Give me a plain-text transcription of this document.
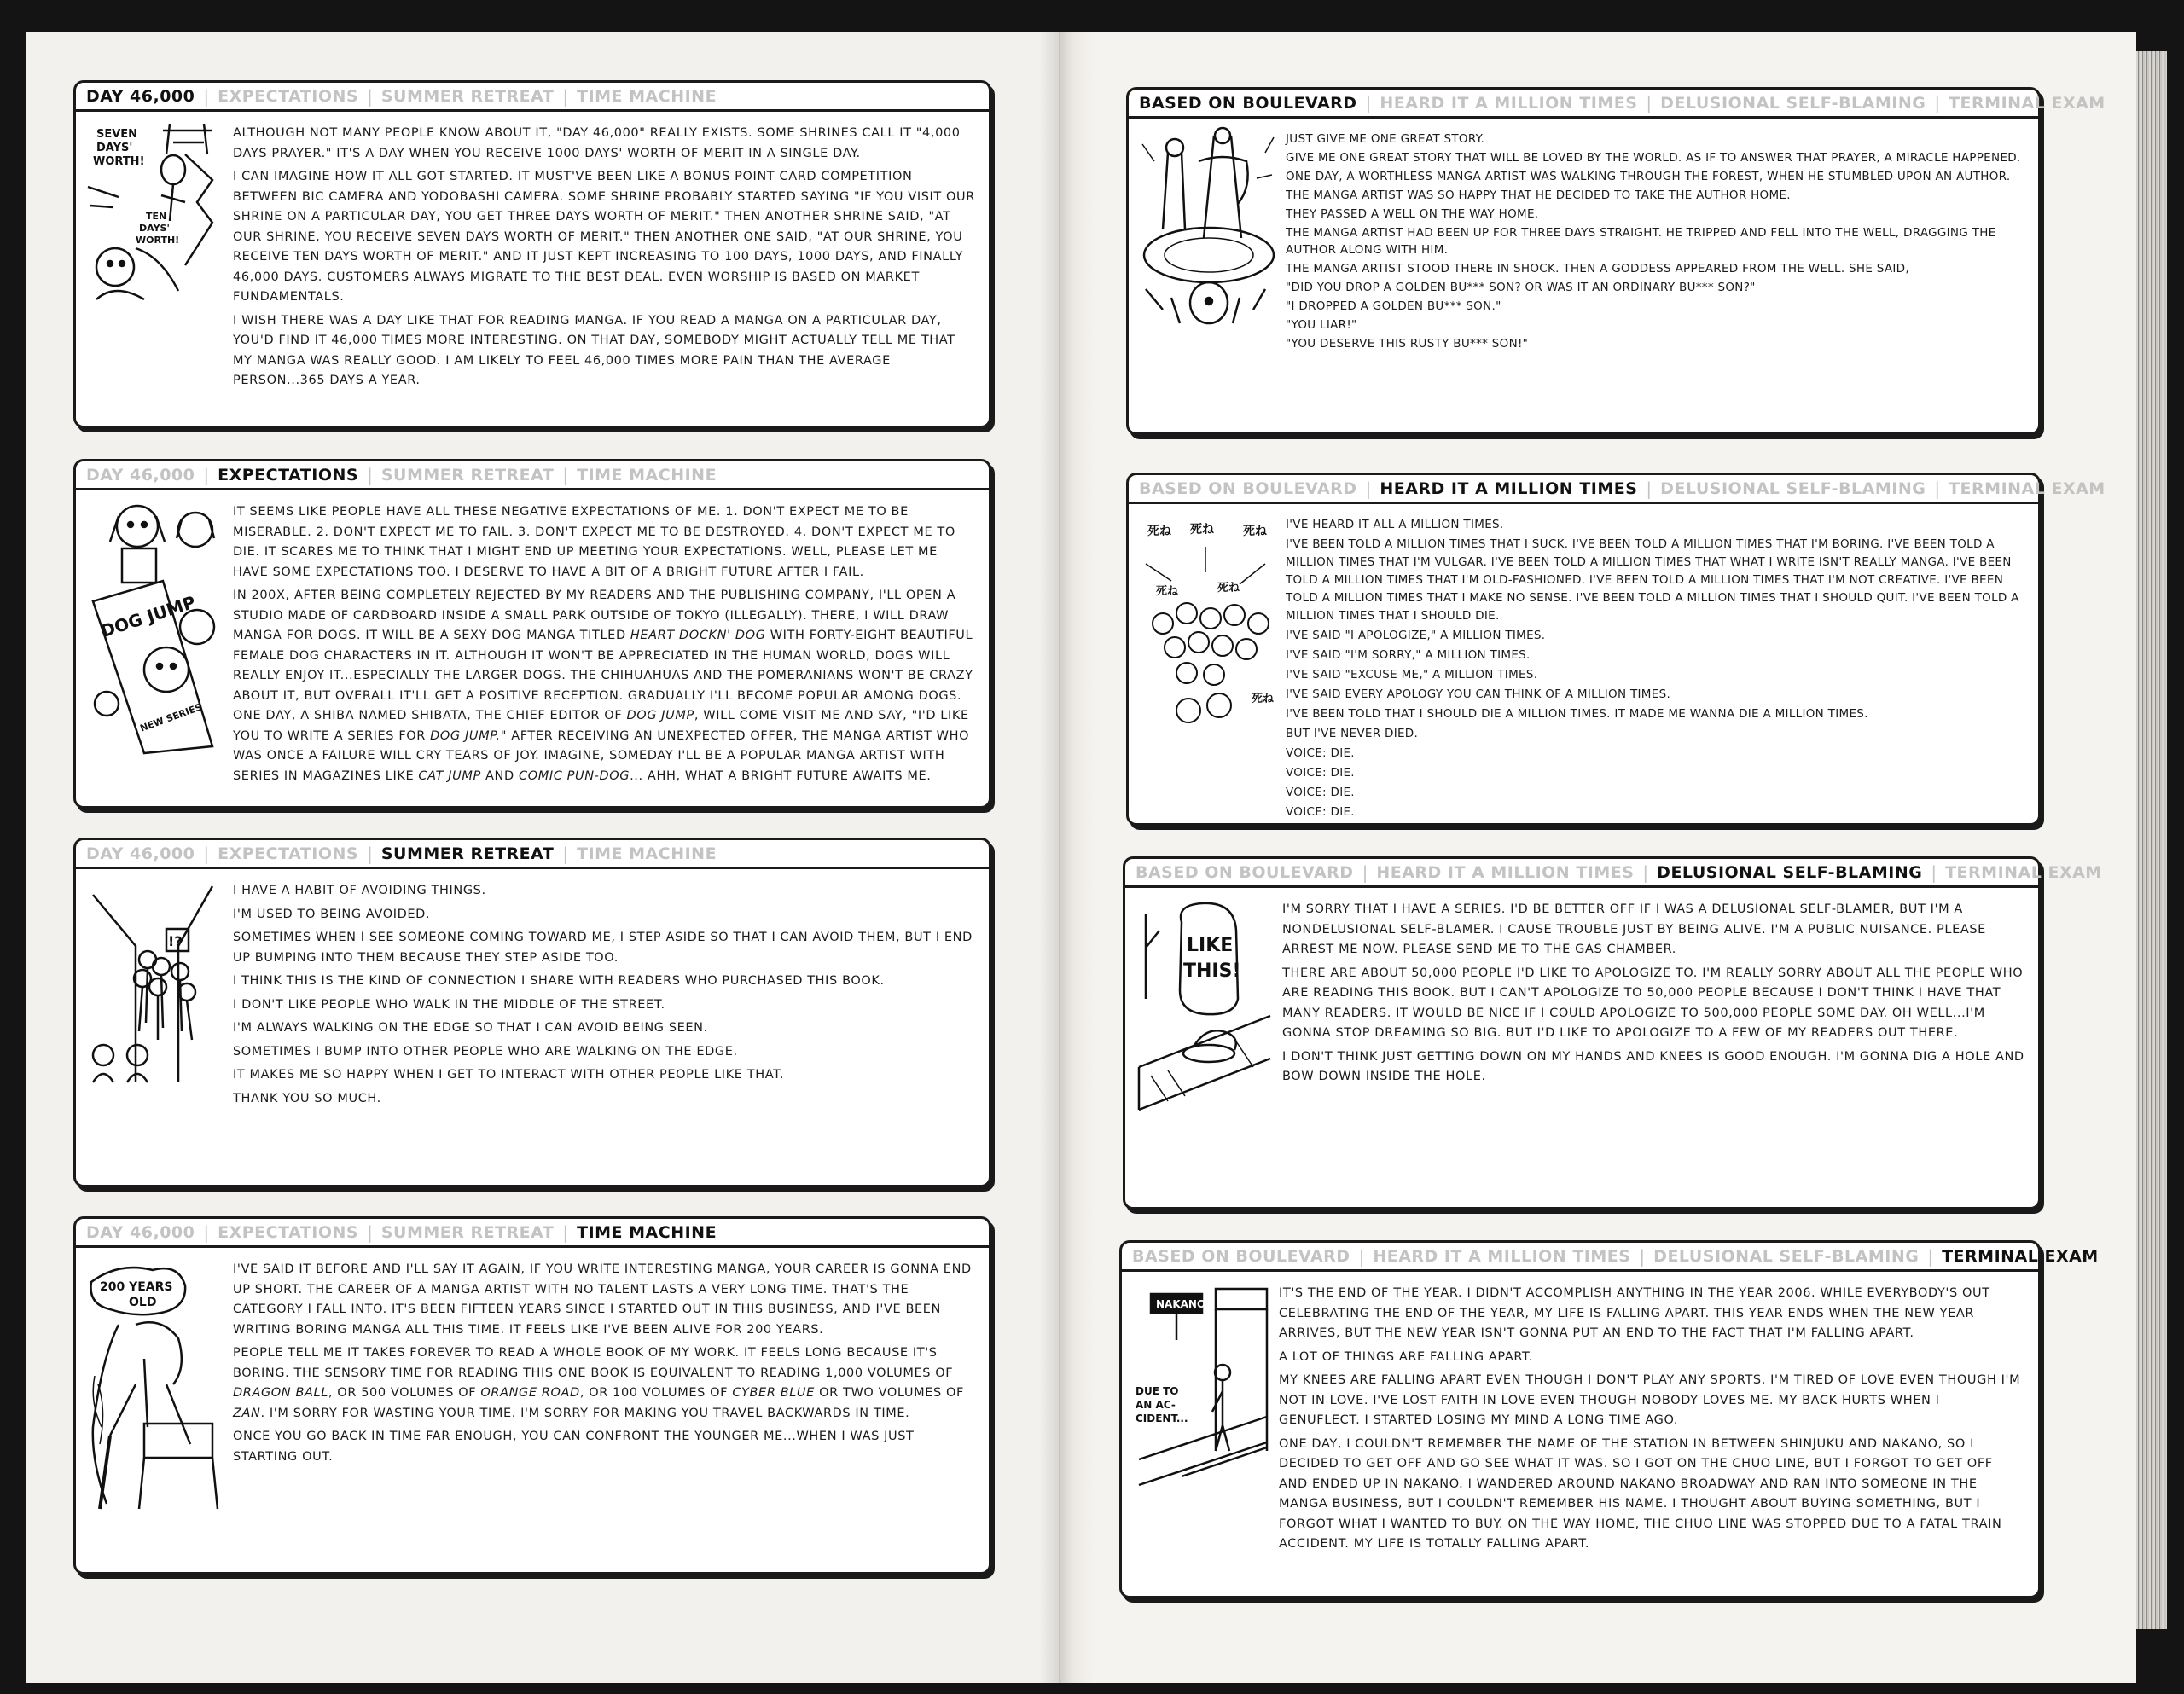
DAY 46,000 | EXPECTATIONS | SUMMER RETREAT | TIME MACHINE
SEVEN
DAYS'
WORTH!
TEN
DAYS'
WORTH!

ALTHOUGH NOT MANY PEOPLE KNOW ABOUT IT, "DAY 46,000" REALLY EXISTS. SOME SHRINES CALL IT "4,000 DAYS PRAYER." IT'S A DAY WHEN YOU RECEIVE 1000 DAYS' WORTH OF MERIT IN A SINGLE DAY.

I CAN IMAGINE HOW IT ALL GOT STARTED. IT MUST'VE BEEN LIKE A BONUS POINT CARD COMPETITION BETWEEN BIC CAMERA AND YODOBASHI CAMERA. SOME SHRINE PROBABLY STARTED SAYING "IF YOU VISIT OUR SHRINE ON A PARTICULAR DAY, YOU GET THREE DAYS WORTH OF MERIT." THEN ANOTHER SHRINE SAID, "AT OUR SHRINE, YOU RECEIVE SEVEN DAYS WORTH OF MERIT." THEN ANOTHER ONE SAID, "AT OUR SHRINE, YOU RECEIVE TEN DAYS WORTH OF MERIT." AND IT JUST KEPT INCREASING TO 100 DAYS, 1000 DAYS, AND FINALLY 46,000 DAYS. CUSTOMERS ALWAYS MIGRATE TO THE BEST DEAL. EVEN WORSHIP IS BASED ON MARKET FUNDAMENTALS.

I WISH THERE WAS A DAY LIKE THAT FOR READING MANGA. IF YOU READ A MANGA ON A PARTICULAR DAY, YOU'D FIND IT 46,000 TIMES MORE INTERESTING. ON THAT DAY, SOMEBODY MIGHT ACTUALLY TELL ME THAT MY MANGA WAS REALLY GOOD. I AM LIKELY TO FEEL 46,000 TIMES MORE PAIN THAN THE AVERAGE PERSON...365 DAYS A YEAR.

DAY 46,000 | EXPECTATIONS | SUMMER RETREAT | TIME MACHINE
DOG JUMP
NEW SERIES

IT SEEMS LIKE PEOPLE HAVE ALL THESE NEGATIVE EXPECTATIONS OF ME. 1. DON'T EXPECT ME TO BE MISERABLE. 2. DON'T EXPECT ME TO FAIL. 3. DON'T EXPECT ME TO BE DESTROYED. 4. DON'T EXPECT ME TO DIE. IT SCARES ME TO THINK THAT I MIGHT END UP MEETING YOUR EXPECTATIONS. WELL, PLEASE LET ME HAVE SOME EXPECTATIONS TOO. I DESERVE TO HAVE A BIT OF A BRIGHT FUTURE AFTER I FAIL.

IN 200X, AFTER BEING COMPLETELY REJECTED BY MY READERS AND THE PUBLISHING COMPANY, I'LL OPEN A STUDIO MADE OF CARDBOARD INSIDE A SMALL PARK OUTSIDE OF TOKYO (ILLEGALLY). THERE, I WILL DRAW MANGA FOR DOGS. IT WILL BE A SEXY DOG MANGA TITLED HEART DOCKN' DOG WITH FORTY-EIGHT BEAUTIFUL FEMALE DOG CHARACTERS IN IT. ALTHOUGH IT WON'T BE APPRECIATED IN THE HUMAN WORLD, DOGS WILL REALLY ENJOY IT...ESPECIALLY THE LARGER DOGS. THE CHIHUAHUAS AND THE POMERANIANS WON'T BE CRAZY ABOUT IT, BUT OVERALL IT'LL GET A POSITIVE RECEPTION. GRADUALLY I'LL BECOME POPULAR AMONG DOGS. ONE DAY, A SHIBA NAMED SHIBATA, THE CHIEF EDITOR OF DOG JUMP, WILL COME VISIT ME AND SAY, "I'D LIKE YOU TO WRITE A SERIES FOR DOG JUMP." AFTER RECEIVING AN UNEXPECTED OFFER, THE MANGA ARTIST WHO WAS ONCE A FAILURE WILL CRY TEARS OF JOY. IMAGINE, SOMEDAY I'LL BE A POPULAR MANGA ARTIST WITH SERIES IN MAGAZINES LIKE CAT JUMP AND COMIC PUN-DOG... AHH, WHAT A BRIGHT FUTURE AWAITS ME.

DAY 46,000 | EXPECTATIONS | SUMMER RETREAT | TIME MACHINE
!?

I HAVE A HABIT OF AVOIDING THINGS.

I'M USED TO BEING AVOIDED.

SOMETIMES WHEN I SEE SOMEONE COMING TOWARD ME, I STEP ASIDE SO THAT I CAN AVOID THEM, BUT I END UP BUMPING INTO THEM BECAUSE THEY STEP ASIDE TOO.

I THINK THIS IS THE KIND OF CONNECTION I SHARE WITH READERS WHO PURCHASED THIS BOOK.

I DON'T LIKE PEOPLE WHO WALK IN THE MIDDLE OF THE STREET.

I'M ALWAYS WALKING ON THE EDGE SO THAT I CAN AVOID BEING SEEN.

SOMETIMES I BUMP INTO OTHER PEOPLE WHO ARE WALKING ON THE EDGE.

IT MAKES ME SO HAPPY WHEN I GET TO INTERACT WITH OTHER PEOPLE LIKE THAT.

THANK YOU SO MUCH.

DAY 46,000 | EXPECTATIONS | SUMMER RETREAT | TIME MACHINE
200 YEARS
OLD

I'VE SAID IT BEFORE AND I'LL SAY IT AGAIN, IF YOU WRITE INTERESTING MANGA, YOUR CAREER IS GONNA END UP SHORT. THE CAREER OF A MANGA ARTIST WITH NO TALENT LASTS A VERY LONG TIME. THAT'S THE CATEGORY I FALL INTO. IT'S BEEN FIFTEEN YEARS SINCE I STARTED OUT IN THIS BUSINESS, AND I'VE BEEN WRITING BORING MANGA ALL THIS TIME. IT FEELS LIKE I'VE BEEN ALIVE FOR 200 YEARS.

PEOPLE TELL ME IT TAKES FOREVER TO READ A WHOLE BOOK OF MY WORK. IT FEELS LONG BECAUSE IT'S BORING. THE SENSORY TIME FOR READING THIS ONE BOOK IS EQUIVALENT TO READING 1,000 VOLUMES OF DRAGON BALL, OR 500 VOLUMES OF ORANGE ROAD, OR 100 VOLUMES OF CYBER BLUE OR TWO VOLUMES OF ZAN. I'M SORRY FOR WASTING YOUR TIME. I'M SORRY FOR MAKING YOU TRAVEL BACKWARDS IN TIME.

ONCE YOU GO BACK IN TIME FAR ENOUGH, YOU CAN CONFRONT THE YOUNGER ME...WHEN I WAS JUST STARTING OUT.

BASED ON BOULEVARD | HEARD IT A MILLION TIMES | DELUSIONAL SELF-BLAMING | TERMINAL EXAM

JUST GIVE ME ONE GREAT STORY.

GIVE ME ONE GREAT STORY THAT WILL BE LOVED BY THE WORLD. AS IF TO ANSWER THAT PRAYER, A MIRACLE HAPPENED.

ONE DAY, A WORTHLESS MANGA ARTIST WAS WALKING THROUGH THE FOREST, WHEN HE STUMBLED UPON AN AUTHOR.

THE MANGA ARTIST WAS SO HAPPY THAT HE DECIDED TO TAKE THE AUTHOR HOME.

THEY PASSED A WELL ON THE WAY HOME.

THE MANGA ARTIST HAD BEEN UP FOR THREE DAYS STRAIGHT. HE TRIPPED AND FELL INTO THE WELL, DRAGGING THE AUTHOR ALONG WITH HIM.

THE MANGA ARTIST STOOD THERE IN SHOCK. THEN A GODDESS APPEARED FROM THE WELL. SHE SAID,

"DID YOU DROP A GOLDEN BU*** SON? OR WAS IT AN ORDINARY BU*** SON?"

"I DROPPED A GOLDEN BU*** SON."

"YOU LIAR!"

"YOU DESERVE THIS RUSTY BU*** SON!"

BASED ON BOULEVARD | HEARD IT A MILLION TIMES | DELUSIONAL SELF-BLAMING | TERMINAL EXAM
死ね 死ね 死ね
死ね	死ね
死ね

I'VE HEARD IT ALL A MILLION TIMES.

I'VE BEEN TOLD A MILLION TIMES THAT I SUCK. I'VE BEEN TOLD A MILLION TIMES THAT I'M BORING. I'VE BEEN TOLD A MILLION TIMES THAT I'M VULGAR. I'VE BEEN TOLD A MILLION TIMES THAT WHAT I WRITE ISN'T REALLY MANGA. I'VE BEEN TOLD A MILLION TIMES THAT I'M OLD-FASHIONED. I'VE BEEN TOLD A MILLION TIMES THAT I'M NOT CREATIVE. I'VE BEEN TOLD A MILLION TIMES THAT I MAKE NO SENSE. I'VE BEEN TOLD A MILLION TIMES THAT I SHOULD QUIT. I'VE BEEN TOLD A MILLION TIMES THAT I SHOULD DIE.

I'VE SAID "I APOLOGIZE," A MILLION TIMES.

I'VE SAID "I'M SORRY," A MILLION TIMES.

I'VE SAID "EXCUSE ME," A MILLION TIMES.

I'VE SAID EVERY APOLOGY YOU CAN THINK OF A MILLION TIMES.

I'VE BEEN TOLD THAT I SHOULD DIE A MILLION TIMES. IT MADE ME WANNA DIE A MILLION TIMES.

BUT I'VE NEVER DIED.

VOICE: DIE.

VOICE: DIE.

VOICE: DIE.

VOICE: DIE.

BASED ON BOULEVARD | HEARD IT A MILLION TIMES | DELUSIONAL SELF-BLAMING | TERMINAL EXAM
LIKE
THIS!

I'M SORRY THAT I HAVE A SERIES. I'D BE BETTER OFF IF I WAS A DELUSIONAL SELF-BLAMER, BUT I'M A NONDELUSIONAL SELF-BLAMER. I CAUSE TROUBLE JUST BY BEING ALIVE. I'M A PUBLIC NUISANCE. PLEASE ARREST ME NOW. PLEASE SEND ME TO THE GAS CHAMBER.

THERE ARE ABOUT 50,000 PEOPLE I'D LIKE TO APOLOGIZE TO. I'M REALLY SORRY ABOUT ALL THE PEOPLE WHO ARE READING THIS BOOK. BUT I CAN'T APOLOGIZE TO 50,000 PEOPLE BECAUSE I DON'T THINK I HAVE THAT MANY READERS. IT WOULD BE NICE IF I COULD APOLOGIZE TO 500,000 PEOPLE SOME DAY. OH WELL...I'M GONNA STOP DREAMING SO BIG. BUT I'D LIKE TO APOLOGIZE TO A FEW OF MY READERS OUT THERE.

I DON'T THINK JUST GETTING DOWN ON MY HANDS AND KNEES IS GOOD ENOUGH. I'M GONNA DIG A HOLE AND BOW DOWN INSIDE THE HOLE.

BASED ON BOULEVARD | HEARD IT A MILLION TIMES | DELUSIONAL SELF-BLAMING | TERMINAL EXAM
NAKANO
DUE TO
AN AC-
CIDENT...

IT'S THE END OF THE YEAR. I DIDN'T ACCOMPLISH ANYTHING IN THE YEAR 2006. WHILE EVERYBODY'S OUT CELEBRATING THE END OF THE YEAR, MY LIFE IS FALLING APART. THIS YEAR ENDS WHEN THE NEW YEAR ARRIVES, BUT THE NEW YEAR ISN'T GONNA PUT AN END TO THE FACT THAT I'M FALLING APART.

A LOT OF THINGS ARE FALLING APART.

MY KNEES ARE FALLING APART EVEN THOUGH I DON'T PLAY ANY SPORTS. I'M TIRED OF LOVE EVEN THOUGH I'M NOT IN LOVE. I'VE LOST FAITH IN LOVE EVEN THOUGH NOBODY LOVES ME. MY BACK HURTS WHEN I GENUFLECT. I STARTED LOSING MY MIND A LONG TIME AGO.

ONE DAY, I COULDN'T REMEMBER THE NAME OF THE STATION IN BETWEEN SHINJUKU AND NAKANO, SO I DECIDED TO GET OFF AND GO SEE WHAT IT WAS. SO I GOT ON THE CHUO LINE, BUT I FORGOT TO GET OFF AND ENDED UP IN NAKANO. I WANDERED AROUND NAKANO BROADWAY AND RAN INTO SOMEONE IN THE MANGA BUSINESS, BUT I COULDN'T REMEMBER HIS NAME. I THOUGHT ABOUT BUYING SOMETHING, BUT I FORGOT WHAT I WANTED TO BUY. ON THE WAY HOME, THE CHUO LINE WAS STOPPED DUE TO A FATAL TRAIN ACCIDENT. MY LIFE IS TOTALLY FALLING APART.
